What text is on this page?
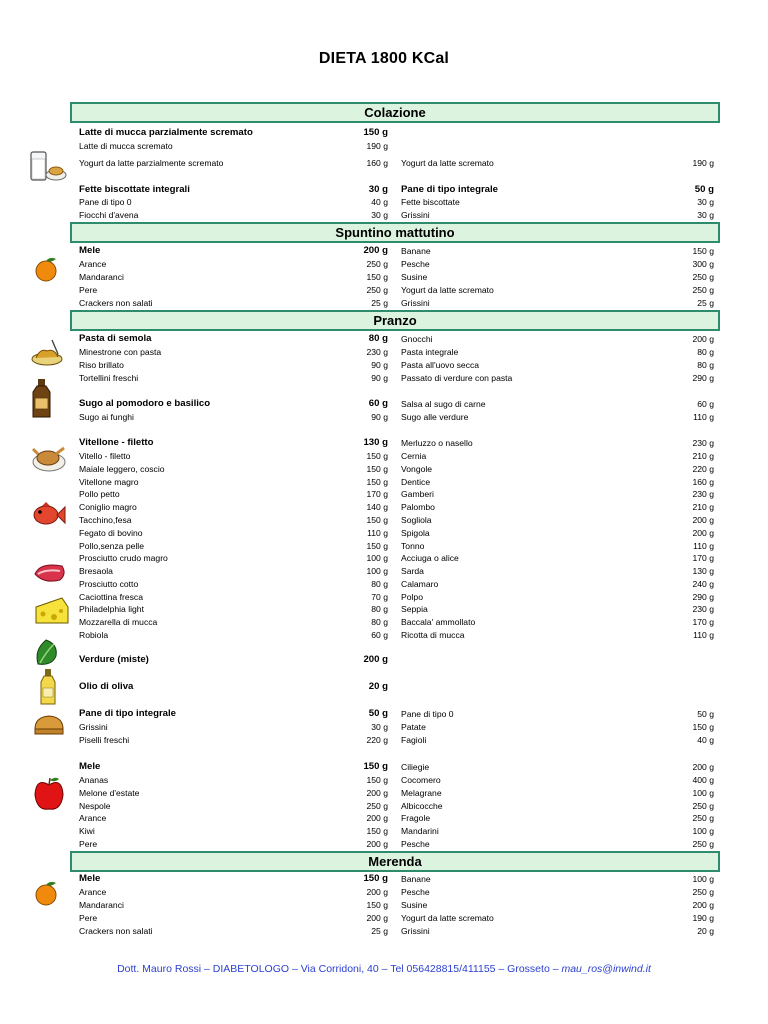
DIETA 1800 KCal
Colazione
Spuntino mattutino
Pranzo
Merenda
Latte di mucca parzialmente scremato	150 g
Latte di mucca scremato	190 g
Yogurt da latte parzialmente scremato	160 g Yogurt da latte scremato	190 g
Fette biscottate integrali	30 g Pane di tipo integrale	50 g
Pane di tipo 0	40 g Fette biscottate	30 g
Fiocchi d'avena	30 g Grissini	30 g
Mele	200 g Banane	150 g
Arance	250 g Pesche	300 g
Mandaranci	150 g Susine	250 g
Pere	250 g Yogurt da latte scremato	250 g
Crackers non salati	25 g Grissini	25 g
Pasta di semola	80 g Gnocchi	200 g
Minestrone con pasta	230 g Pasta integrale	80 g
Riso brillato	90 g Pasta all'uovo secca	80 g
Tortellini freschi	90 g Passato di verdure con pasta	290 g
Sugo al pomodoro e basilico	60 g Salsa al sugo di carne	60 g
Sugo ai funghi	90 g Sugo alle verdure	110 g
Vitellone - filetto	130 g Merluzzo o nasello	230 g
Vitello - filetto	150 g Cernia	210 g
Maiale leggero, coscio	150 g Vongole	220 g
Vitellone magro	150 g Dentice	160 g
Pollo petto	170 g Gamberi	230 g
Coniglio magro	140 g Palombo	210 g
Tacchino,fesa	150 g Sogliola	200 g
Fegato di bovino	110 g Spigola	200 g
Pollo,senza pelle	150 g Tonno	110 g
Prosciutto crudo magro	100 g Acciuga o alice	170 g
Bresaola	100 g Sarda	130 g
Prosciutto cotto	80 g Calamaro	240 g
Caciottina fresca	70 g Polpo	290 g
Philadelphia light	80 g Seppia	230 g
Mozzarella di mucca	80 g Baccala' ammollato	170 g
Robiola	60 g Ricotta di mucca	110 g
Verdure (miste)	200 g
Olio di oliva	20 g
Pane di tipo integrale	50 g Pane di tipo 0	50 g
Grissini	30 g Patate	150 g
Piselli freschi	220 g Fagioli	40 g
Mele	150 g Ciliegie	200 g
Ananas	150 g Cocomero	400 g
Melone d'estate	200 g Melagrane	100 g
Nespole	250 g Albicocche	250 g
Arance	200 g Fragole	250 g
Kiwi	150 g Mandarini	100 g
Pere	200 g Pesche	250 g
Mele	150 g Banane	100 g
Arance	200 g Pesche	250 g
Mandaranci	150 g Susine	200 g
Pere	200 g Yogurt da latte scremato	190 g
Crackers non salati	25 g Grissini	20 g
Dott. Mauro Rossi – DIABETOLOGO – Via Corridoni, 40 – Tel 056428815/411155 – Grosseto – mau_ros@inwind.it
